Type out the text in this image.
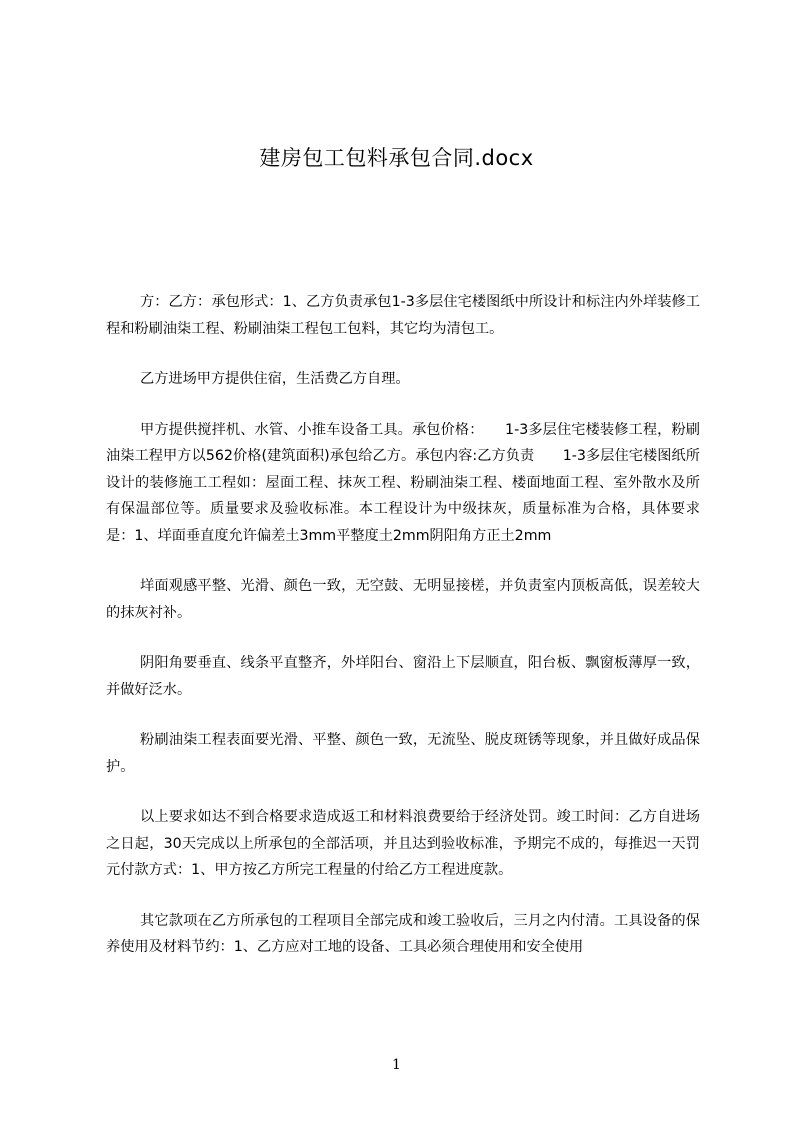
建房包工包料承包合同.docx

方：乙方：承包形式：1、乙方负责承包1-3多层住宅楼图纸中所设计和标注内外垟装修工程和粉刷油柒工程、粉刷油柒工程包工包料，其它均为清包工。

乙方进场甲方提供住宿，生活费乙方自理。

甲方提供搅拌机、水管、小推车设备工具。承包价格：　　1-3多层住宅楼装修工程，粉刷油柒工程甲方以562价格(建筑面积)承包给乙方。承包内容:乙方负责　　1-3多层住宅楼图纸所设计的装修施工工程如：屋面工程、抹灰工程、粉刷油柒工程、楼面地面工程、室外散水及所有保温部位等。质量要求及验收标准。本工程设计为中级抹灰，质量标准为合格，具体要求是：1、垟面垂直度允许偏差土3mm平整度土2mm阴阳角方正土2mm

垟面观感平整、光滑、颜色一致，无空鼓、无明显接槎，并负责室内顶板高低，误差较大的抹灰衬补。

阴阳角要垂直、线条平直整齐，外垟阳台、窗沿上下层顺直，阳台板、飘窗板薄厚一致，并做好泛水。

粉刷油柒工程表面要光滑、平整、颜色一致，无流坠、脱皮斑锈等现象，并且做好成品保护。

以上要求如达不到合格要求造成返工和材料浪费要给于经济处罚。竣工时间：乙方自进场之日起，30天完成以上所承包的全部活项，并且达到验收标准，予期完不成的，每推迟一天罚元付款方式：1、甲方按乙方所完工程量的付给乙方工程进度款。

其它款项在乙方所承包的工程项目全部完成和竣工验收后，三月之内付清。工具设备的保养使用及材料节约：1、乙方应对工地的设备、工具必须合理使用和安全使用

1
